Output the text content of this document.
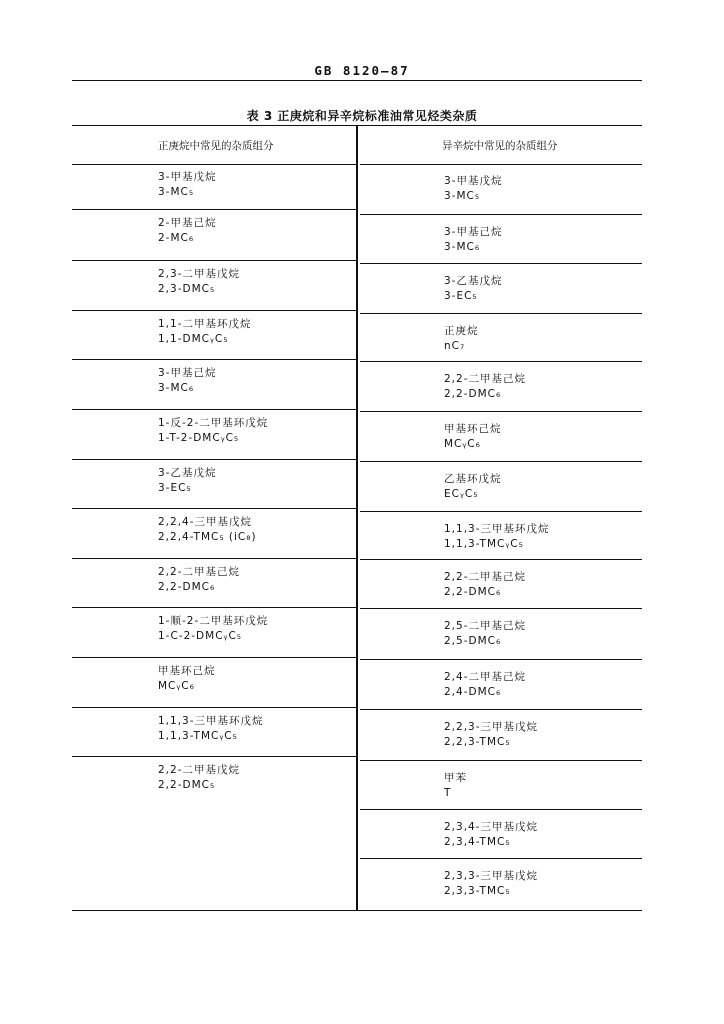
GB 8120—87
表 3 正庚烷和异辛烷标准油常见烃类杂质
正庚烷中常见的杂质组分
3-甲基戊烷
3-MC₅
2-甲基己烷
2-MC₆
2,3-二甲基戊烷
2,3-DMC₅
1,1-二甲基环戊烷
1,1-DMCᵧC₅
3-甲基己烷
3-MC₆
1-反-2-二甲基环戊烷
1-T-2-DMCᵧC₅
3-乙基戊烷
3-EC₅
2,2,4-三甲基戊烷
2,2,4-TMC₅ (iC₈)
2,2-二甲基己烷
2,2-DMC₆
1-顺-2-二甲基环戊烷
1-C-2-DMCᵧC₅
甲基环己烷
MCᵧC₆
1,1,3-三甲基环戊烷
1,1,3-TMCᵧC₅
2,2-二甲基戊烷
2,2-DMC₅
异辛烷中常见的杂质组分
3-甲基戊烷
3-MC₅
3-甲基己烷
3-MC₆
3-乙基戊烷
3-EC₅
正庚烷
nC₇
2,2-二甲基己烷
2,2-DMC₆
甲基环己烷
MCᵧC₆
乙基环戊烷
ECᵧC₅
1,1,3-三甲基环戊烷
1,1,3-TMCᵧC₅
2,2-二甲基己烷
2,2-DMC₆
2,5-二甲基己烷
2,5-DMC₆
2,4-二甲基己烷
2,4-DMC₆
2,2,3-三甲基戊烷
2,2,3-TMC₅
甲苯
T
2,3,4-三甲基戊烷
2,3,4-TMC₅
2,3,3-三甲基戊烷
2,3,3-TMC₅
